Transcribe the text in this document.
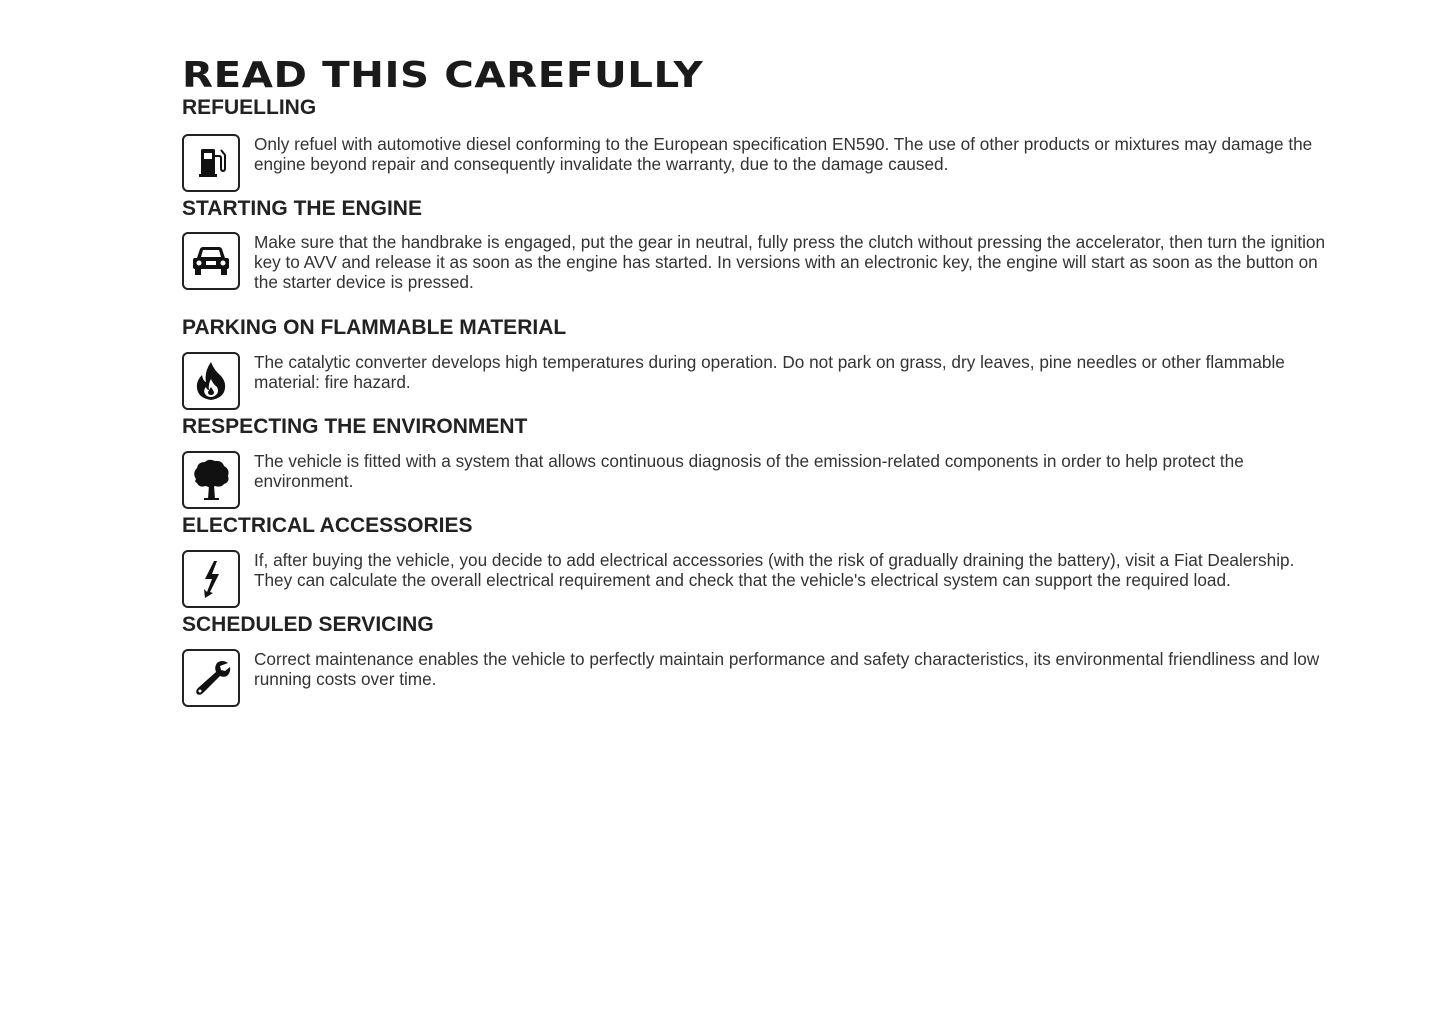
READ THIS CAREFULLY
REFUELLING

Only refuel with automotive diesel conforming to the European specification EN590. The use of other products or mixtures may damage the engine beyond repair and consequently invalidate the warranty, due to the damage caused.

STARTING THE ENGINE

Make sure that the handbrake is engaged, put the gear in neutral, fully press the clutch without pressing the accelerator, then turn the ignition key to AVV and release it as soon as the engine has started. In versions with an electronic key, the engine will start as soon as the button on the starter device is pressed.

PARKING ON FLAMMABLE MATERIAL

The catalytic converter develops high temperatures during operation. Do not park on grass, dry leaves, pine needles or other flammable material: fire hazard.

RESPECTING THE ENVIRONMENT

The vehicle is fitted with a system that allows continuous diagnosis of the emission-related components in order to help protect the environment.

ELECTRICAL ACCESSORIES

If, after buying the vehicle, you decide to add electrical accessories (with the risk of gradually draining the battery), visit a Fiat Dealership. They can calculate the overall electrical requirement and check that the vehicle's electrical system can support the required load.

SCHEDULED SERVICING

Correct maintenance enables the vehicle to perfectly maintain performance and safety characteristics, its environmental friendliness and low running costs over time.
